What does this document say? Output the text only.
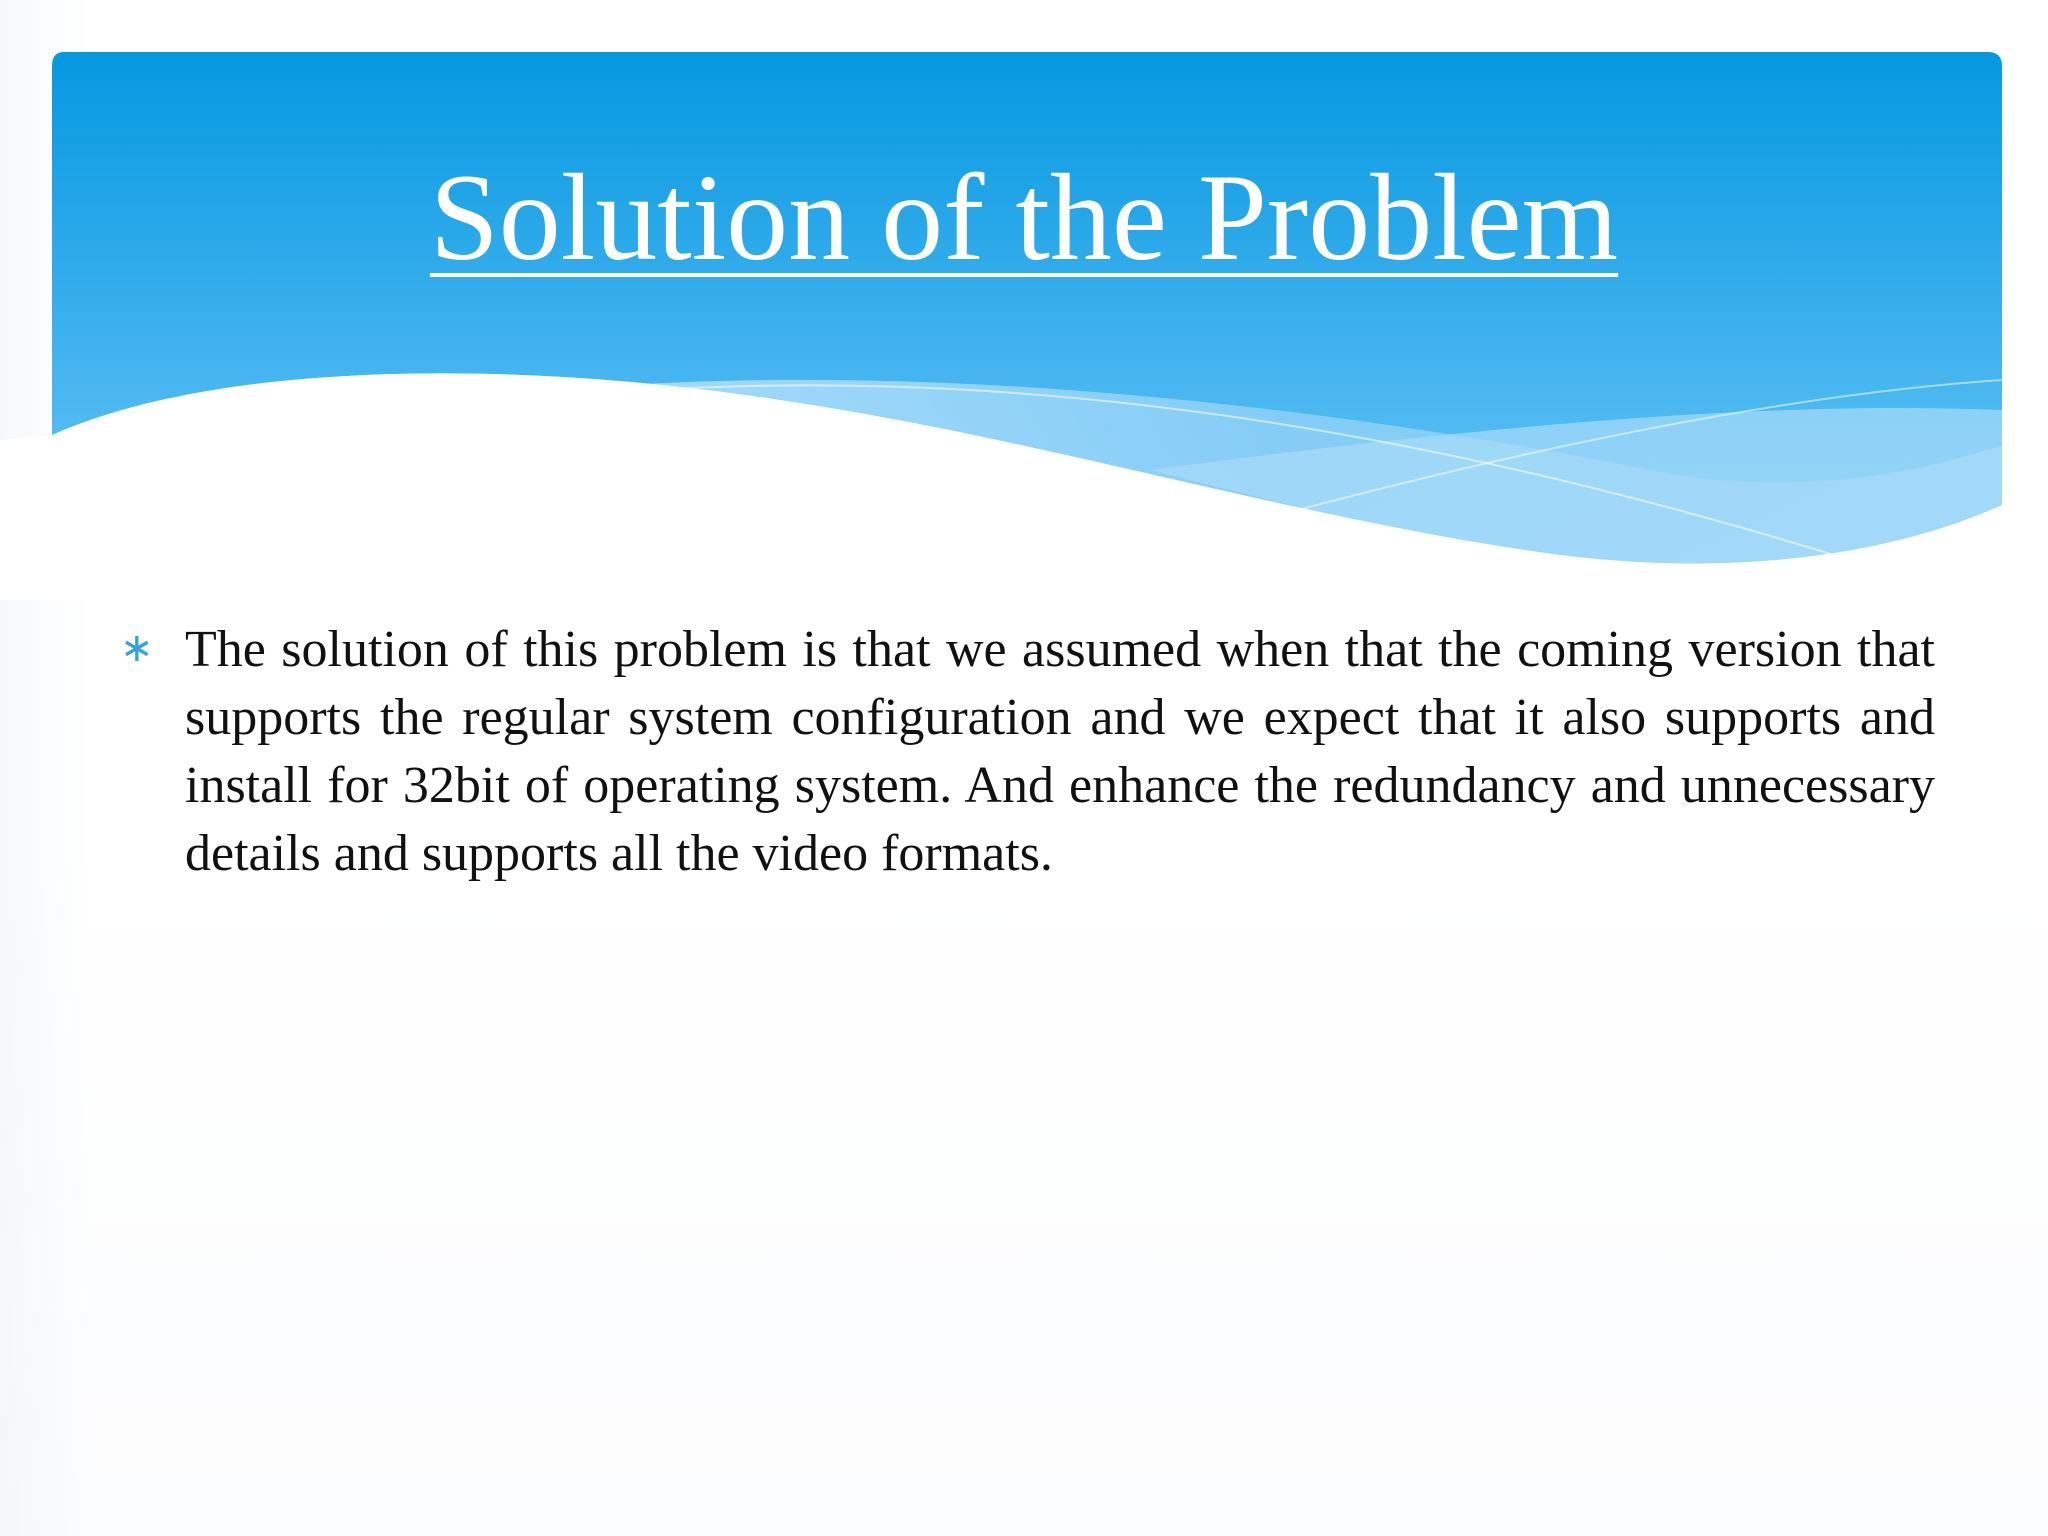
Solution of the Problem
∗ The solution of this problem is that we assumed when that the coming version that supports the regular system configuration and we expect that it also supports and install for 32bit of operating system. And enhance the redundancy and unnecessary details and supports all the video formats.
